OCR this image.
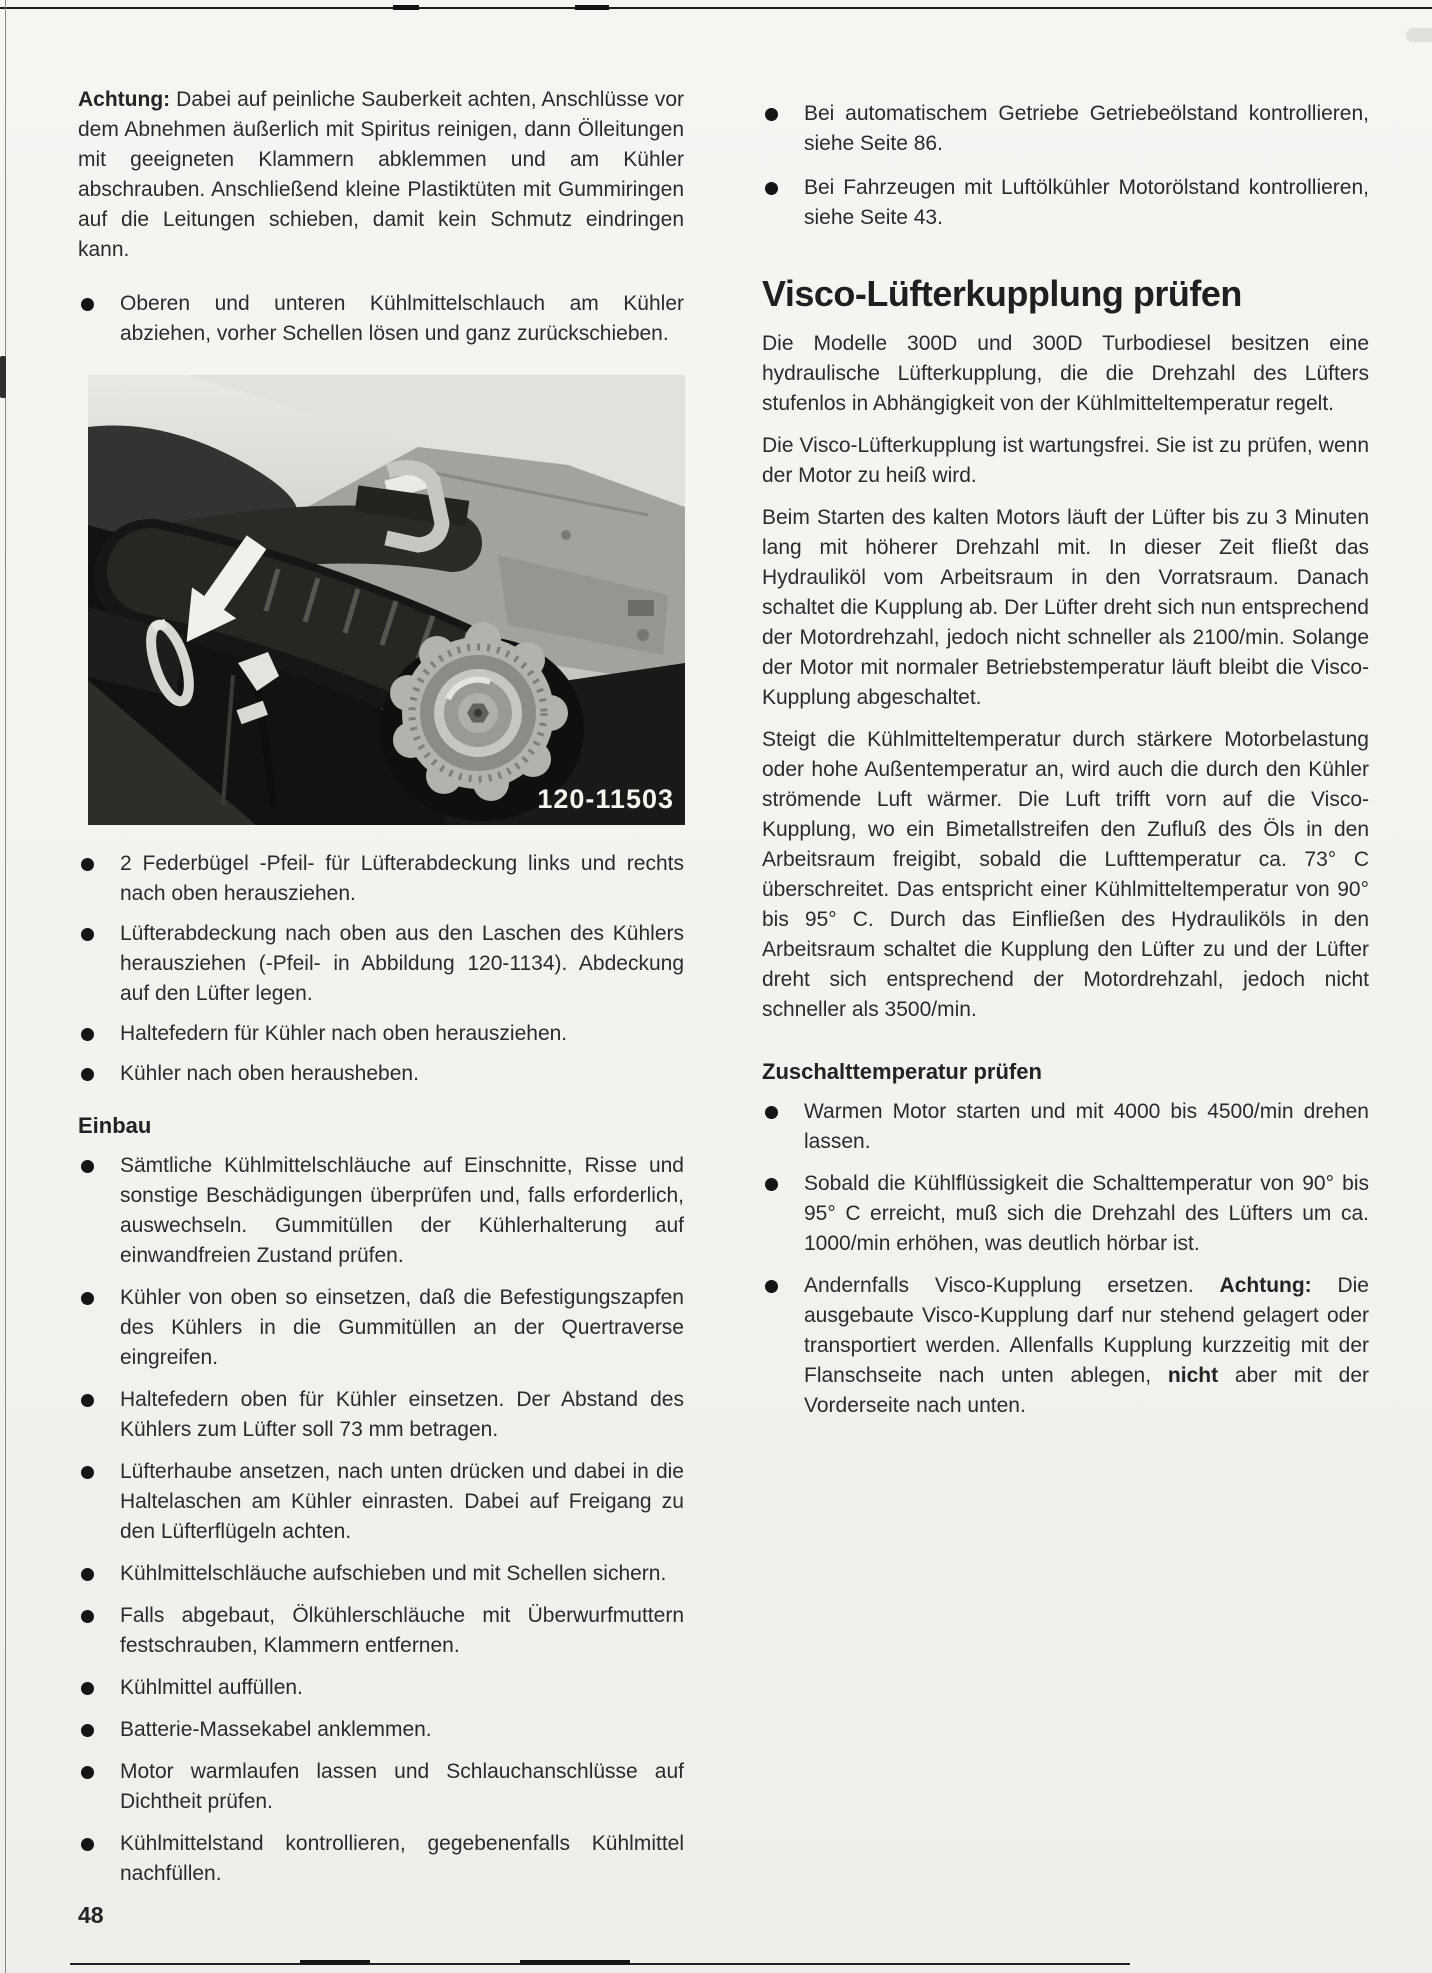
Achtung: Dabei auf peinliche Sauberkeit achten, Anschlüsse vor dem Abnehmen äußerlich mit Spiritus reinigen, dann Ölleitungen mit geeigneten Klammern abklemmen und am Kühler abschrauben. Anschließend kleine Plastiktüten mit Gummiringen auf die Leitungen schieben, damit kein Schmutz eindringen kann.

Oberen und unteren Kühlmittelschlauch am Kühler abziehen, vorher Schellen lösen und ganz zurückschieben.
120-11503
2 Federbügel -Pfeil- für Lüfterabdeckung links und rechts nach oben herausziehen.
Lüfterabdeckung nach oben aus den Laschen des Kühlers herausziehen (-Pfeil- in Abbildung 120-1134). Abdeckung auf den Lüfter legen.
Haltefedern für Kühler nach oben herausziehen.
Kühler nach oben herausheben.
Einbau
Sämtliche Kühlmittelschläuche auf Einschnitte, Risse und sonstige Beschädigungen überprüfen und, falls erforderlich, auswechseln. Gummitüllen der Kühlerhalterung auf einwandfreien Zustand prüfen.
Kühler von oben so einsetzen, daß die Befestigungszapfen des Kühlers in die Gummitüllen an der Quertraverse eingreifen.
Haltefedern oben für Kühler einsetzen. Der Abstand des Kühlers zum Lüfter soll 73 mm betragen.
Lüfterhaube ansetzen, nach unten drücken und dabei in die Haltelaschen am Kühler einrasten. Dabei auf Freigang zu den Lüfterflügeln achten.
Kühlmittelschläuche aufschieben und mit Schellen sichern.
Falls abgebaut, Ölkühlerschläuche mit Überwurfmuttern festschrauben, Klammern entfernen.
Kühlmittel auffüllen.
Batterie-Massekabel anklemmen.
Motor warmlaufen lassen und Schlauchanschlüsse auf Dichtheit prüfen.
Kühlmittelstand kontrollieren, gegebenenfalls Kühlmittel nachfüllen.
Bei automatischem Getriebe Getriebeölstand kontrollieren, siehe Seite 86.
Bei Fahrzeugen mit Luftölkühler Motorölstand kontrollieren, siehe Seite 43.
Visco-Lüfterkupplung prüfen

Die Modelle 300D und 300D Turbodiesel besitzen eine hydraulische Lüfterkupplung, die die Drehzahl des Lüfters stufenlos in Abhängigkeit von der Kühlmitteltemperatur regelt.

Die Visco-Lüfterkupplung ist wartungsfrei. Sie ist zu prüfen, wenn der Motor zu heiß wird.

Beim Starten des kalten Motors läuft der Lüfter bis zu 3 Minuten lang mit höherer Drehzahl mit. In dieser Zeit fließt das Hydrauliköl vom Arbeitsraum in den Vorratsraum. Danach schaltet die Kupplung ab. Der Lüfter dreht sich nun entsprechend der Motordrehzahl, jedoch nicht schneller als 2100/min. Solange der Motor mit normaler Betriebstemperatur läuft bleibt die Visco-Kupplung abgeschaltet.

Steigt die Kühlmitteltemperatur durch stärkere Motorbelastung oder hohe Außentemperatur an, wird auch die durch den Kühler strömende Luft wärmer. Die Luft trifft vorn auf die Visco-Kupplung, wo ein Bimetallstreifen den Zufluß des Öls in den Arbeitsraum freigibt, sobald die Lufttemperatur ca. 73° C überschreitet. Das entspricht einer Kühlmitteltemperatur von 90° bis 95° C. Durch das Einfließen des Hydrauliköls in den Arbeitsraum schaltet die Kupplung den Lüfter zu und der Lüfter dreht sich entsprechend der Motordrehzahl, jedoch nicht schneller als 3500/min.

Zuschalttemperatur prüfen
Warmen Motor starten und mit 4000 bis 4500/min drehen lassen.
Sobald die Kühlflüssigkeit die Schalttemperatur von 90° bis 95° C erreicht, muß sich die Drehzahl des Lüfters um ca. 1000/min erhöhen, was deutlich hörbar ist.
Andernfalls Visco-Kupplung ersetzen. Achtung: Die ausgebaute Visco-Kupplung darf nur stehend gelagert oder transportiert werden. Allenfalls Kupplung kurzzeitig mit der Flanschseite nach unten ablegen, nicht aber mit der Vorderseite nach unten.
48
